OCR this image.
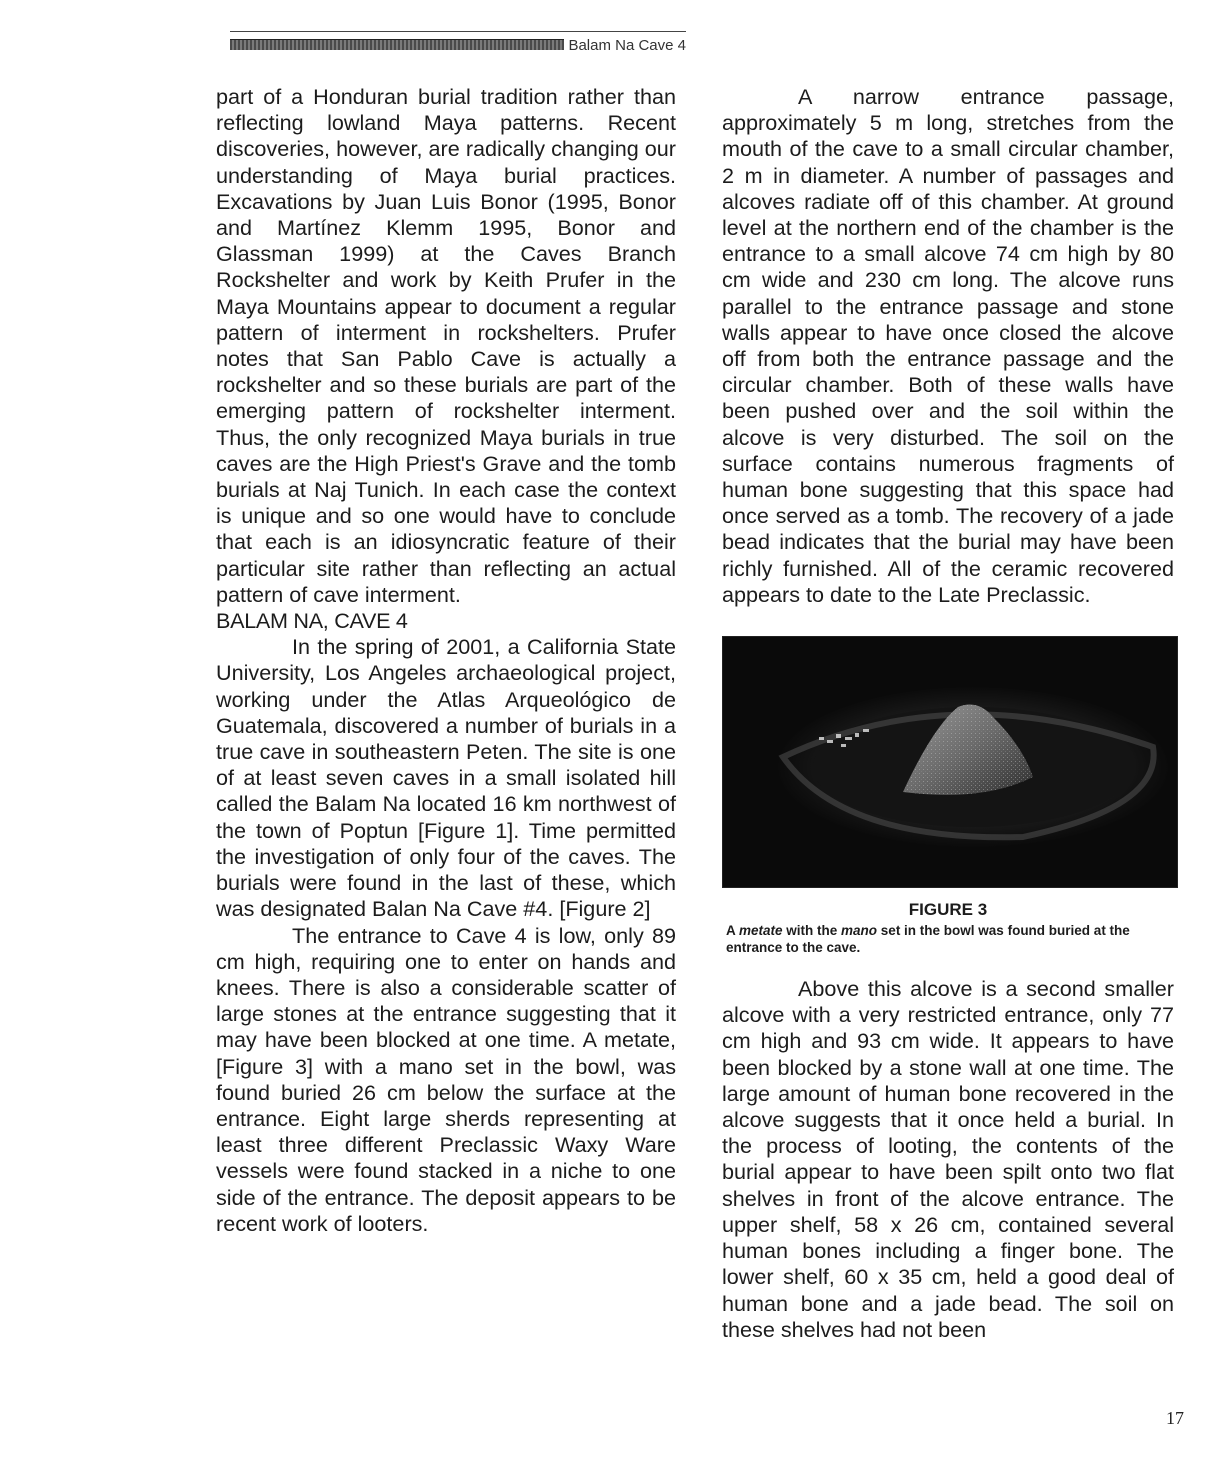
Balam Na Cave 4

part of a Honduran burial tradition rather than reflecting lowland Maya patterns. Recent discoveries, however, are radically changing our understanding of Maya burial practices. Excavations by Juan Luis Bonor (1995, Bonor and Martínez Klemm 1995, Bonor and Glassman 1999) at the Caves Branch Rockshelter and work by Keith Prufer in the Maya Mountains appear to document a regular pattern of interment in rockshelters. Prufer notes that San Pablo Cave is actually a rockshelter and so these burials are part of the emerging pattern of rockshelter interment. Thus, the only recognized Maya burials in true caves are the High Priest's Grave and the tomb burials at Naj Tunich. In each case the context is unique and so one would have to conclude that each is an idiosyncratic feature of their particular site rather than reflecting an actual pattern of cave interment.

BALAM NA, CAVE 4

In the spring of 2001, a California State University, Los Angeles archaeological project, working under the Atlas Arqueológico de Guatemala, discovered a number of burials in a true cave in southeastern Peten. The site is one of at least seven caves in a small isolated hill called the Balam Na located 16 km northwest of the town of Poptun [Figure 1]. Time permitted the investigation of only four of the caves. The burials were found in the last of these, which was designated Balan Na Cave #4. [Figure 2]

The entrance to Cave 4 is low, only 89 cm high, requiring one to enter on hands and knees. There is also a considerable scatter of large stones at the entrance suggesting that it may have been blocked at one time. A metate, [Figure 3] with a mano set in the bowl, was found buried 26 cm below the surface at the entrance. Eight large sherds representing at least three different Preclassic Waxy Ware vessels were found stacked in a niche to one side of the entrance. The deposit appears to be recent work of looters.

A narrow entrance passage, approximately 5 m long, stretches from the mouth of the cave to a small circular chamber, 2 m in diameter. A number of passages and alcoves radiate off of this chamber. At ground level at the northern end of the chamber is the entrance to a small alcove 74 cm high by 80 cm wide and 230 cm long. The alcove runs parallel to the entrance passage and stone walls appear to have once closed the alcove off from both the entrance passage and the circular chamber. Both of these walls have been pushed over and the soil within the alcove is very disturbed. The soil on the surface contains numerous fragments of human bone suggesting that this space had once served as a tomb. The recovery of a jade bead indicates that the burial may have been richly furnished. All of the ceramic recovered appears to date to the Late Preclassic.

FIGURE 3
A metate with the mano set in the bowl was found buried at the entrance to the cave.

Above this alcove is a second smaller alcove with a very restricted entrance, only 77 cm high and 93 cm wide. It appears to have been blocked by a stone wall at one time. The large amount of human bone recovered in the alcove suggests that it once held a burial. In the process of looting, the contents of the burial appear to have been spilt onto two flat shelves in front of the alcove entrance. The upper shelf, 58 x 26 cm, contained several human bones including a finger bone. The lower shelf, 60 x 35 cm, held a good deal of human bone and a jade bead. The soil on these shelves had not been

17
